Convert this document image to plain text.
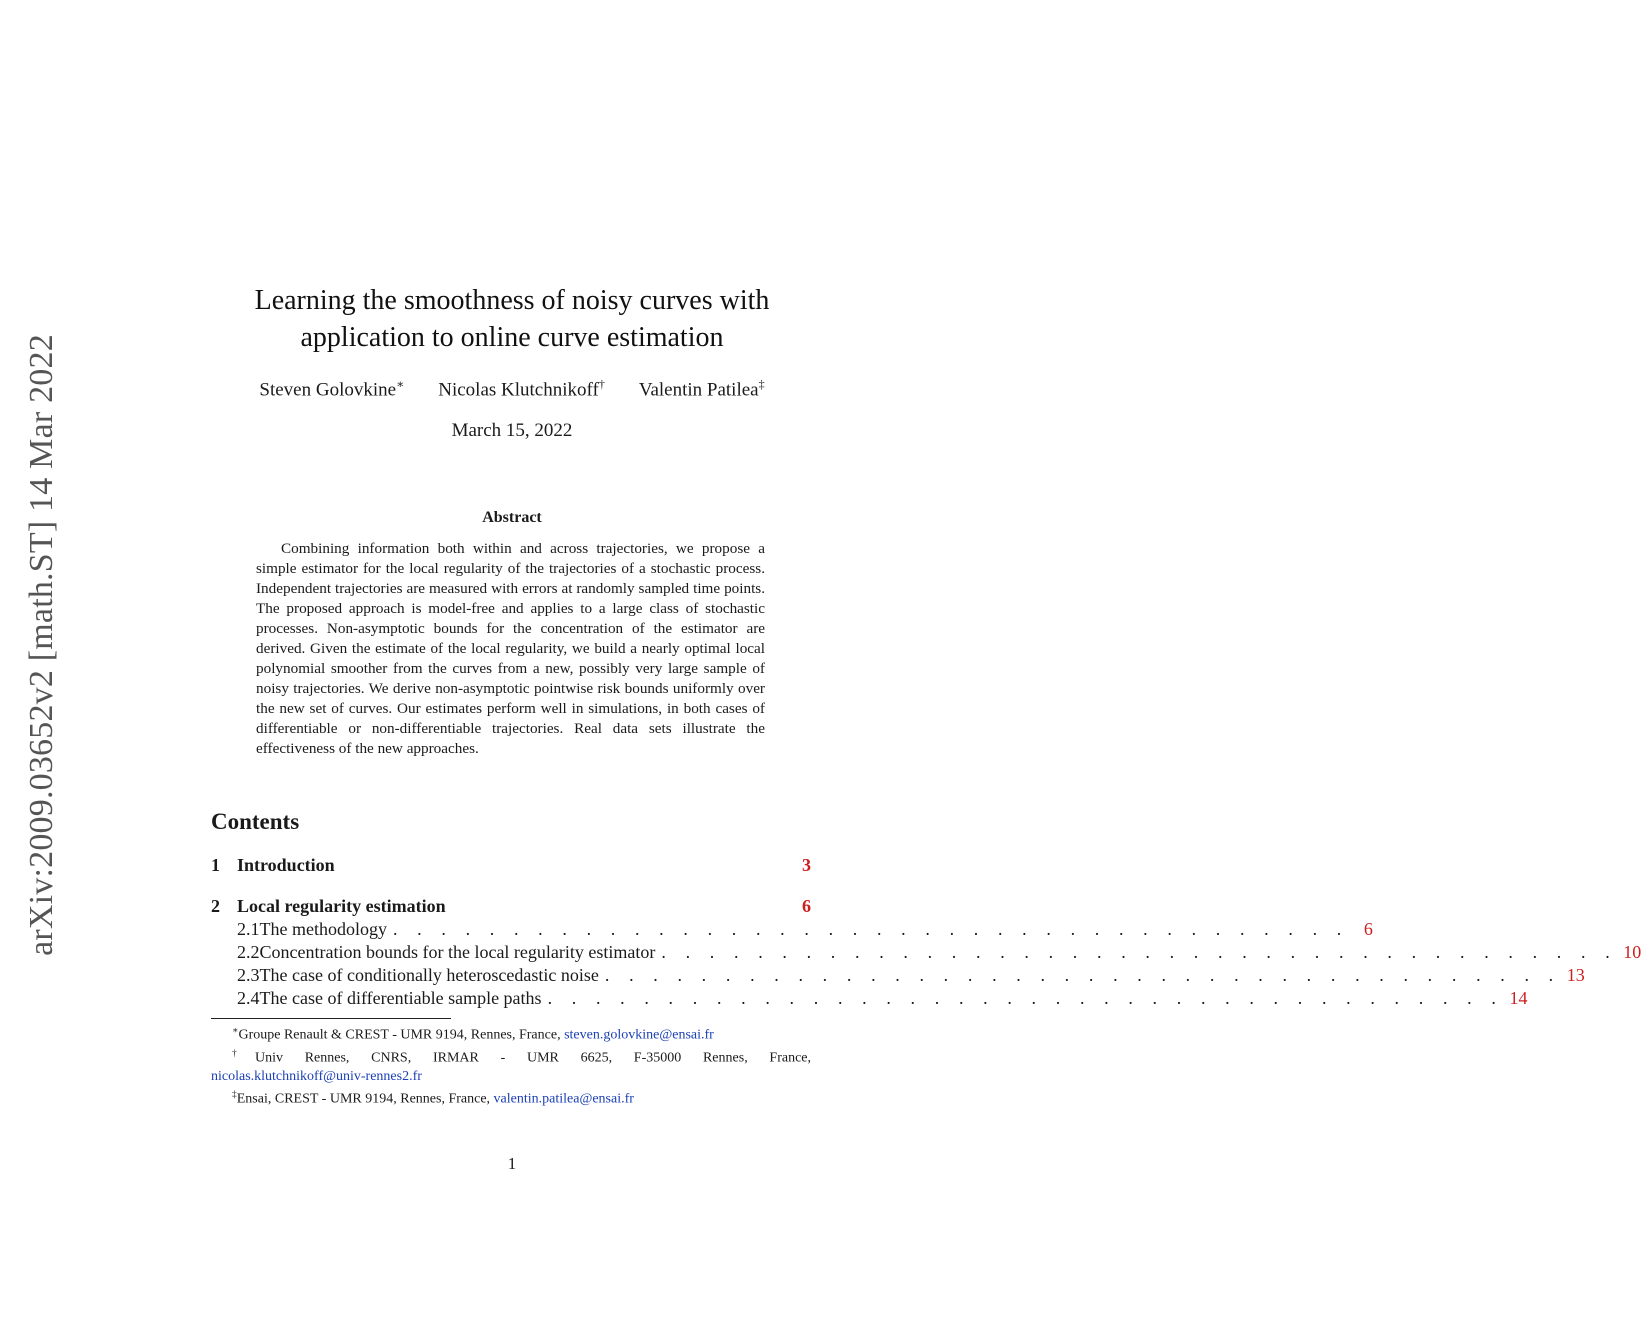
arXiv:2009.03652v2 [math.ST] 14 Mar 2022
Learning the smoothness of noisy curves with
application to online curve estimation
Steven Golovkine∗ Nicolas Klutchnikoff† Valentin Patilea‡
March 15, 2022
Abstract
Combining information both within and across trajectories, we propose a simple estimator for the local regularity of the trajectories of a stochastic process. Independent trajectories are measured with errors at randomly sampled time points. The proposed approach is model-free and applies to a large class of stochastic processes. Non-asymptotic bounds for the concentration of the estimator are derived. Given the estimate of the local regularity, we build a nearly optimal local polynomial smoother from the curves from a new, possibly very large sample of noisy trajectories. We derive non-asymptotic pointwise risk bounds uniformly over the new set of curves. Our estimates perform well in simulations, in both cases of differentiable or non-differentiable trajectories. Real data sets illustrate the effectiveness of the new approaches.
Contents
1 Introduction	3
2 Local regularity estimation	6
2.1 The methodology . . . . . . . . . . . . . . . . . . . . . . . . . . . . . . . . . . . . . . . . 6
2.2 Concentration bounds for the local regularity estimator . . . . . . . . . . . . . . . . . . . . . . . . . . . . . . . . . . . . . . . . 10
2.3 The case of conditionally heteroscedastic noise . . . . . . . . . . . . . . . . . . . . . . . . . . . . . . . . . . . . . . . . 13
2.4 The case of differentiable sample paths . . . . . . . . . . . . . . . . . . . . . . . . . . . . . . . . . . . . . . . . 14
∗Groupe Renault & CREST - UMR 9194, Rennes, France, steven.golovkine@ensai.fr
†Univ Rennes, CNRS, IRMAR - UMR 6625, F-35000 Rennes, France,
nicolas.klutchnikoff@univ-rennes2.fr
‡Ensai, CREST - UMR 9194, Rennes, France, valentin.patilea@ensai.fr
1
